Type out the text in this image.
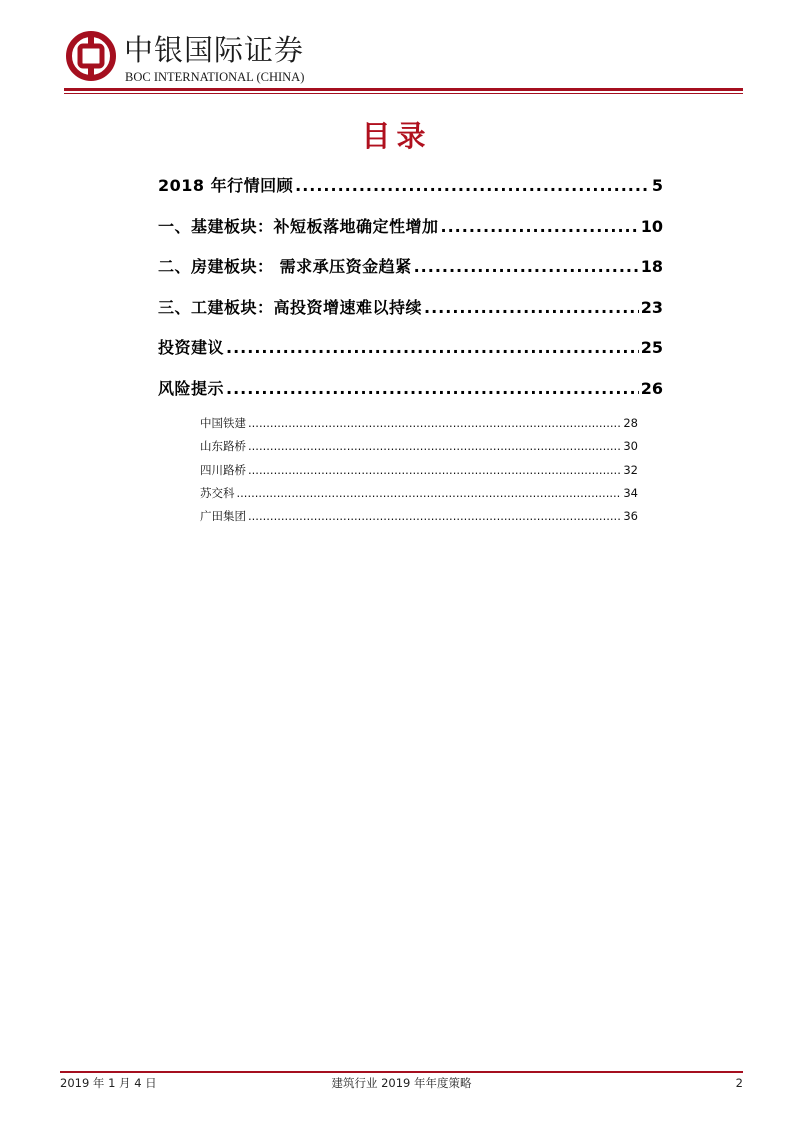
中银国际证券
BOC INTERNATIONAL (CHINA)
目录
2018 年行情回顾 .....	5
一、基建板块：补短板落地确定性增加 .....	10
二、房建板块： 需求承压资金趋紧 .....	18
三、工建板块：高投资增速难以持续 .....	23
投资建议 .....	25
风险提示 .....	26
中国铁建 .....	28
山东路桥 .....	30
四川路桥 .....	32
苏交科 .....	34
广田集团 .....	36
2019 年 1 月 4 日	建筑行业 2019 年年度策略	2
